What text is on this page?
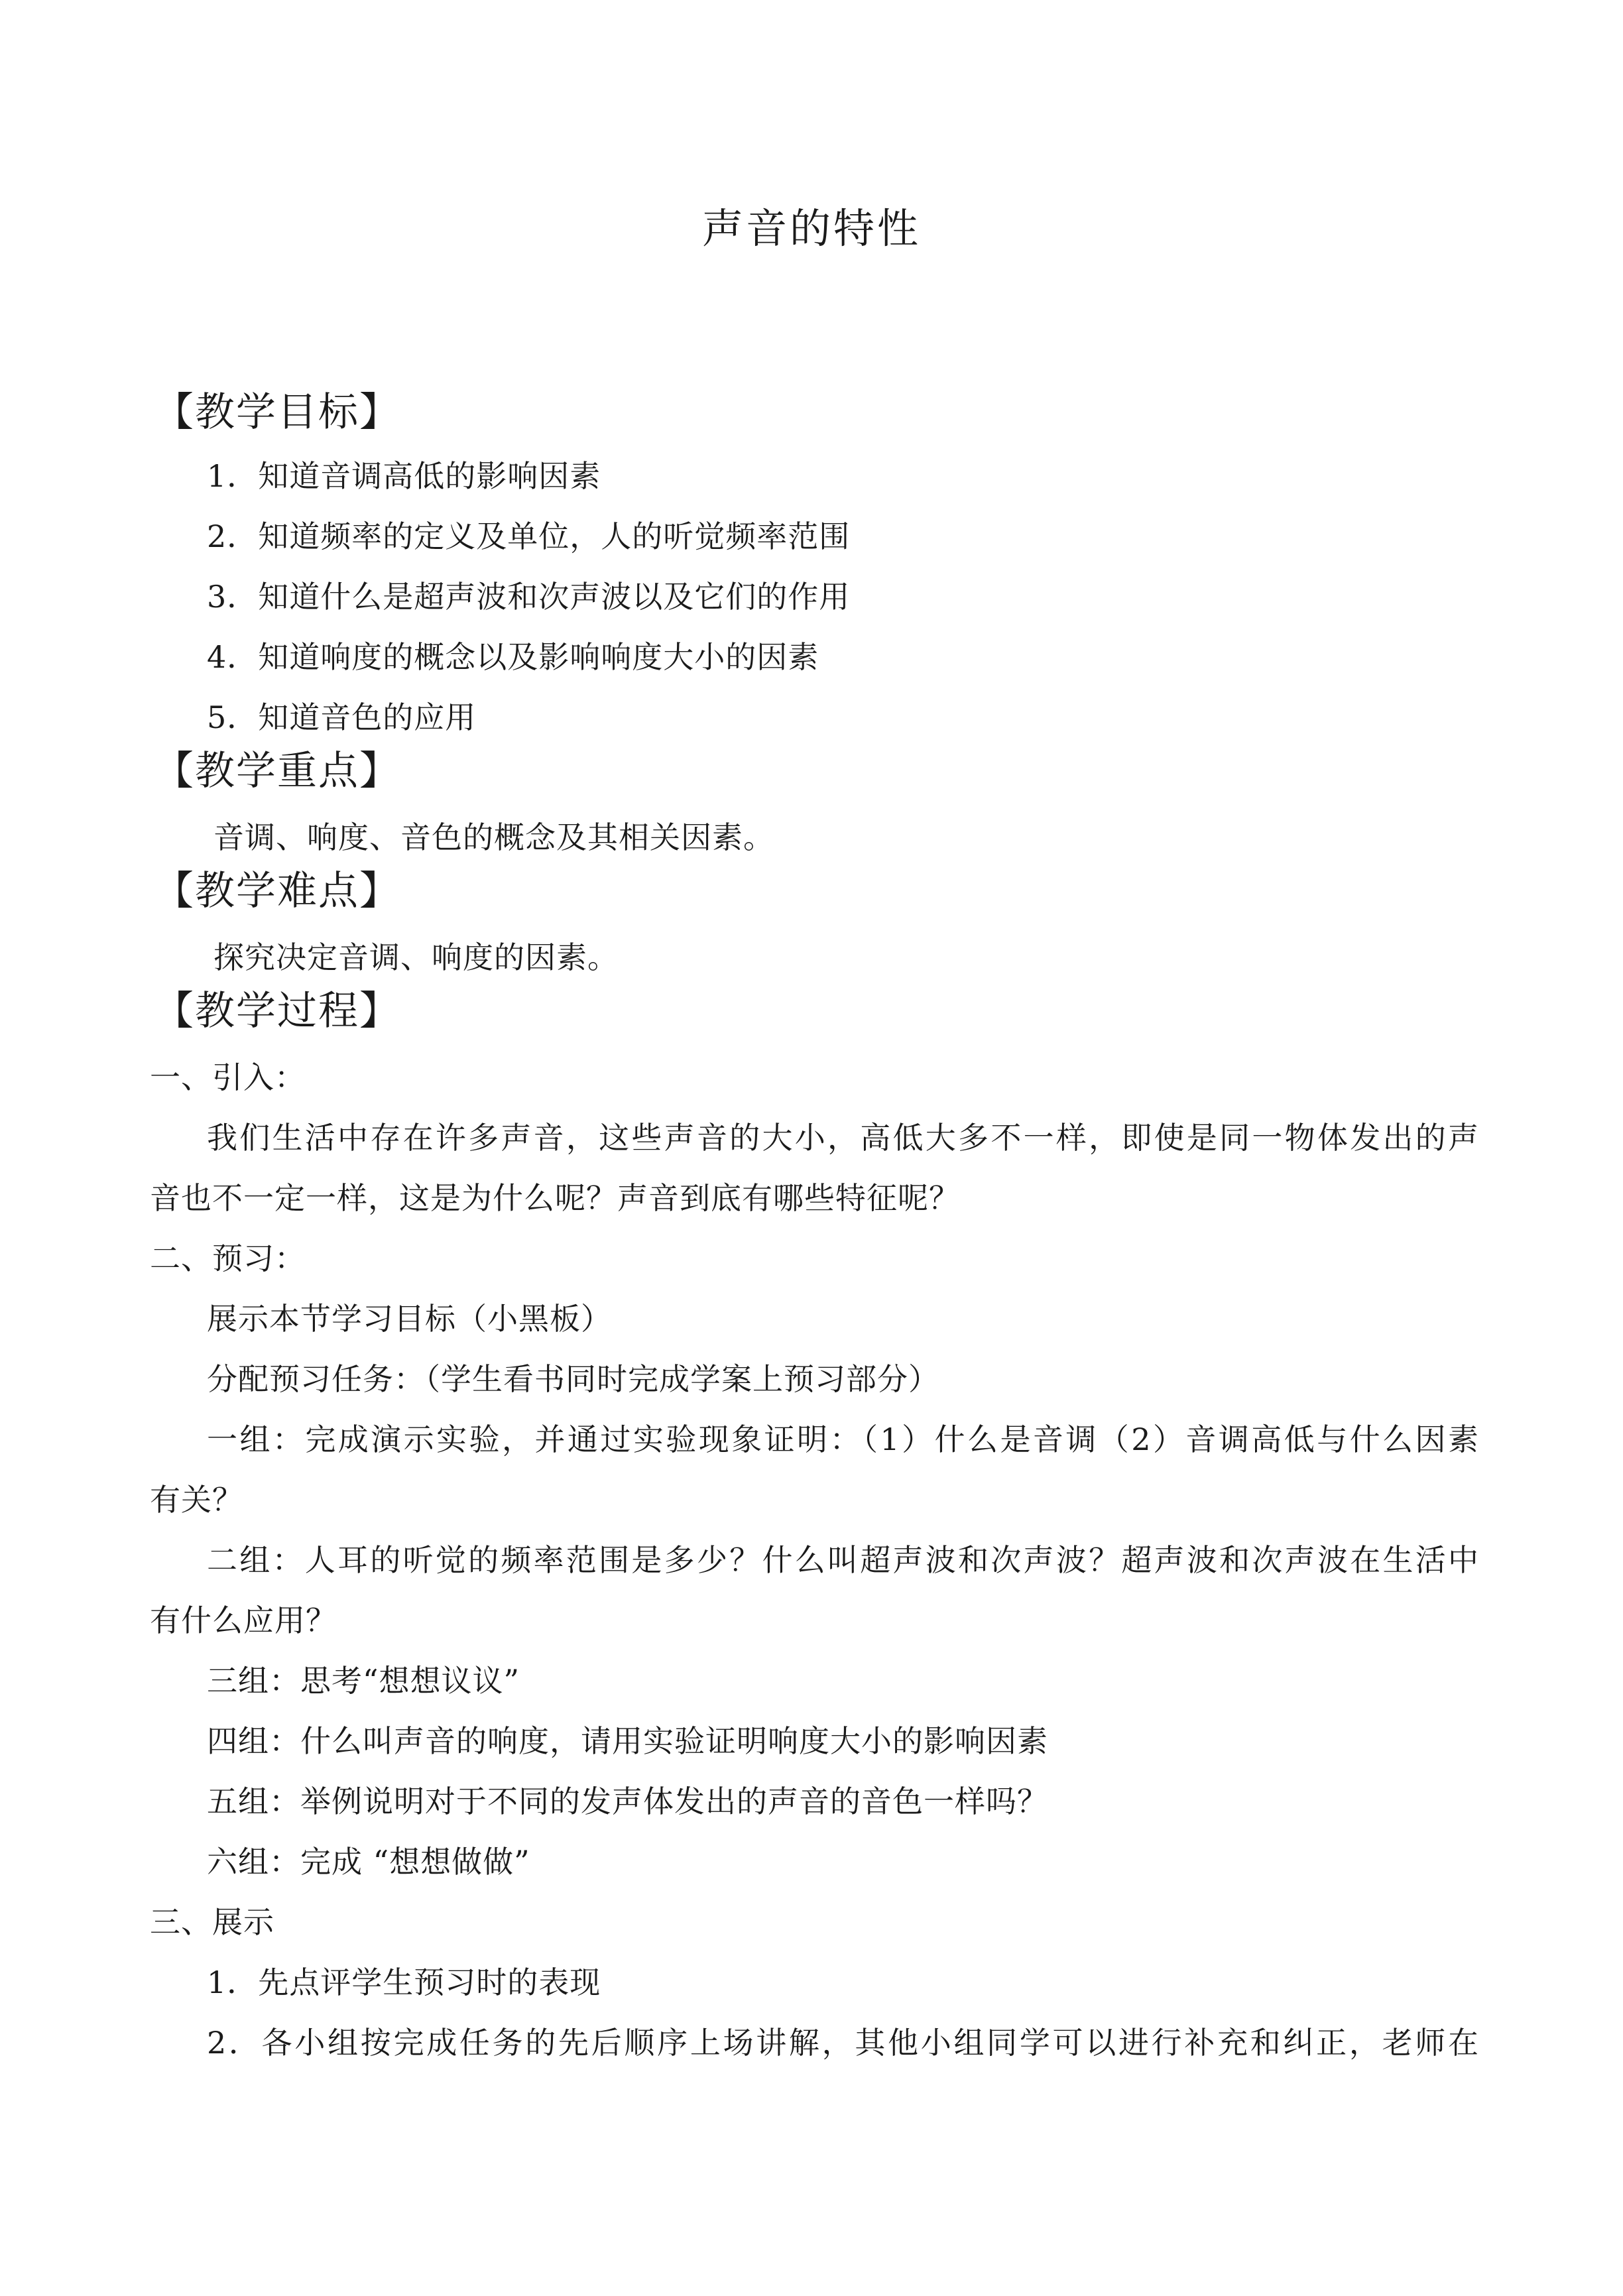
声音的特性
【教学目标】
1．知道音调高低的影响因素
2．知道频率的定义及单位，人的听觉频率范围
3．知道什么是超声波和次声波以及它们的作用
4．知道响度的概念以及影响响度大小的因素
5．知道音色的应用
【教学重点】
音调、响度、音色的概念及其相关因素。
【教学难点】
探究决定音调、响度的因素。
【教学过程】
一、引入：
我们生活中存在许多声音，这些声音的大小，高低大多不一样，即使是同一物体发出的声
音也不一定一样，这是为什么呢？声音到底有哪些特征呢？
二、预习：
展示本节学习目标（小黑板）
分配预习任务：（学生看书同时完成学案上预习部分）
一组：完成演示实验，并通过实验现象证明：（1）什么是音调（2）音调高低与什么因素
有关？
二组：人耳的听觉的频率范围是多少？什么叫超声波和次声波？超声波和次声波在生活中
有什么应用？
三组：思考“想想议议”
四组：什么叫声音的响度，请用实验证明响度大小的影响因素
五组：举例说明对于不同的发声体发出的声音的音色一样吗？
六组：完成 “想想做做”
三、展示
1．先点评学生预习时的表现
2．各小组按完成任务的先后顺序上场讲解，其他小组同学可以进行补充和纠正，老师在
